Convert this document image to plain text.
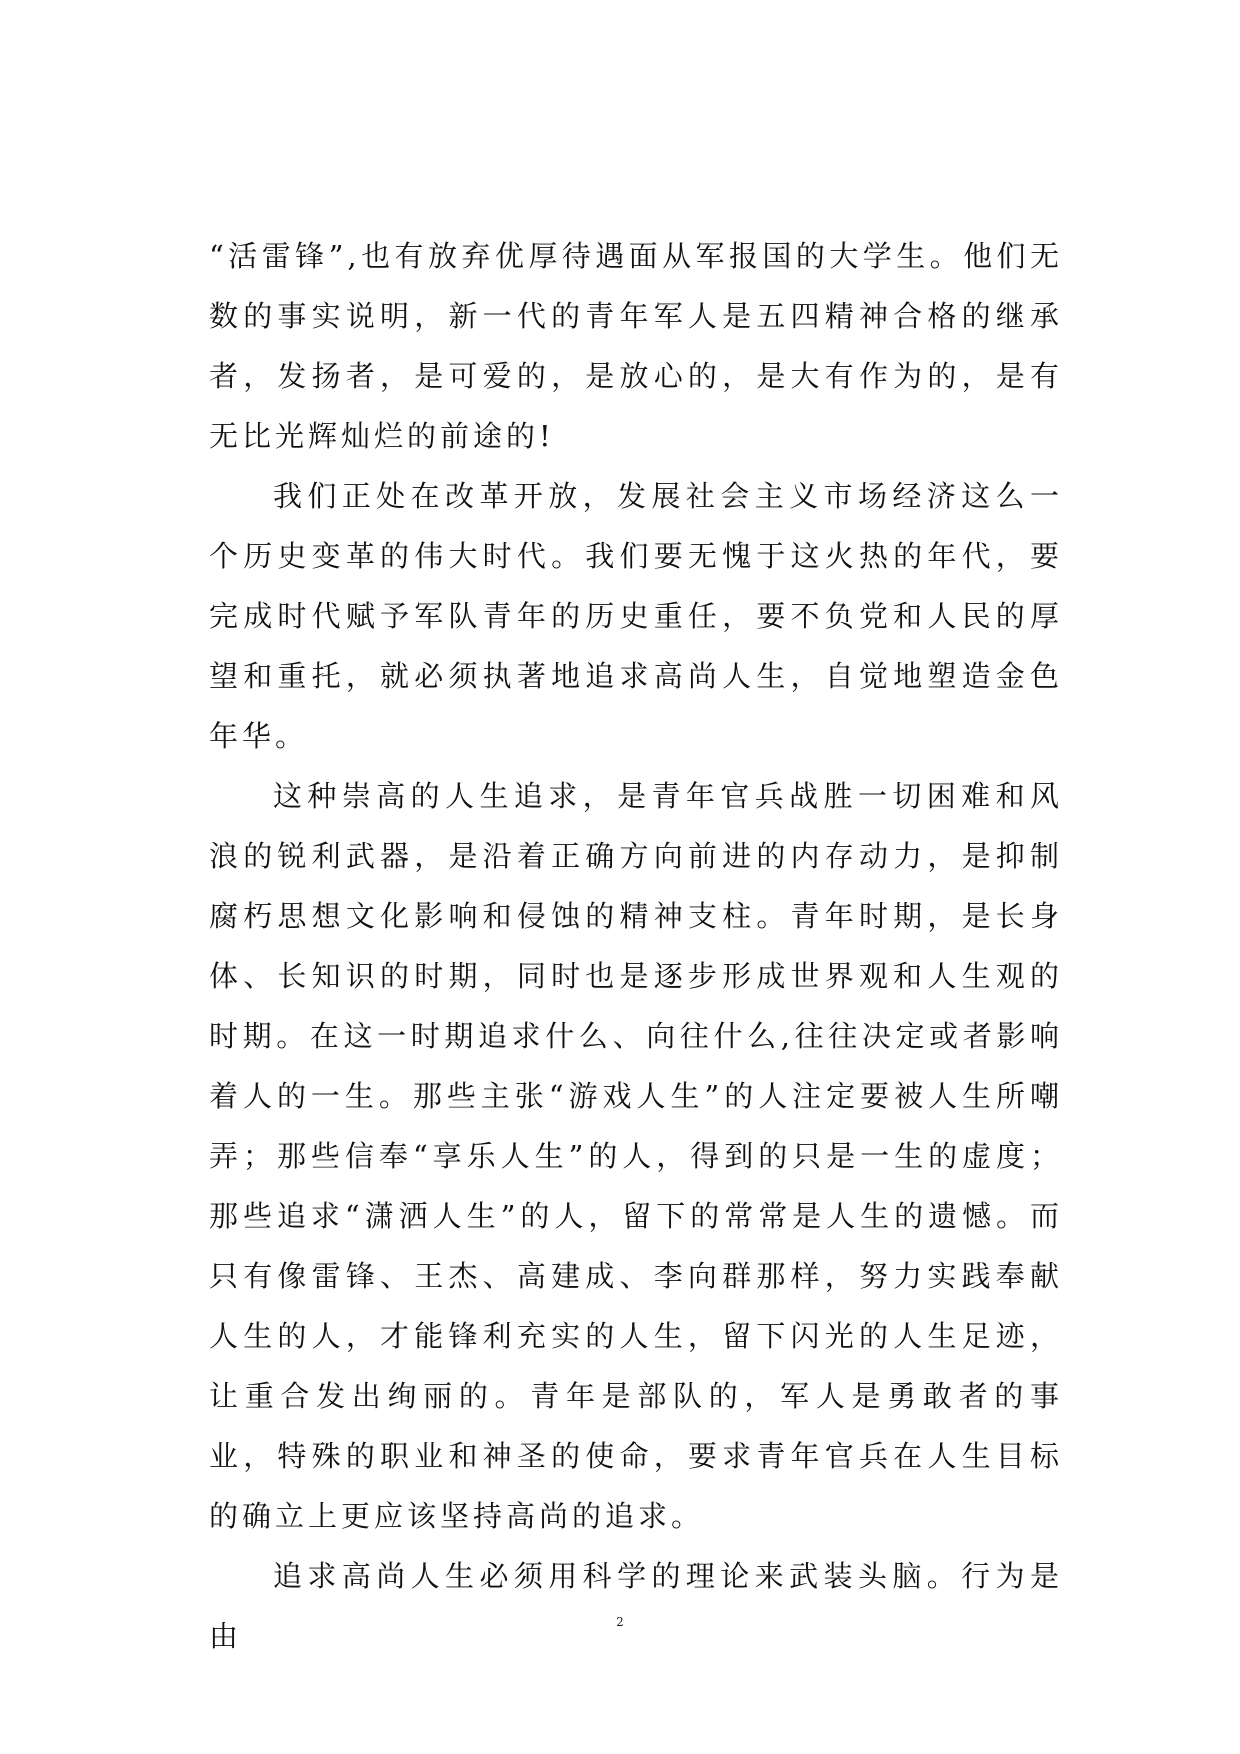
“活雷锋”,也有放弃优厚待遇面从军报国的大学生。他们无数的事实说明，新一代的青年军人是五四精神合格的继承者，发扬者，是可爱的，是放心的，是大有作为的，是有无比光辉灿烂的前途的!

我们正处在改革开放，发展社会主义市场经济这么一个历史变革的伟大时代。我们要无愧于这火热的年代，要完成时代赋予军队青年的历史重任，要不负党和人民的厚望和重托，就必须执著地追求高尚人生，自觉地塑造金色年华。

这种崇高的人生追求，是青年官兵战胜一切困难和风浪的锐利武器，是沿着正确方向前进的内存动力，是抑制腐朽思想文化影响和侵蚀的精神支柱。青年时期，是长身体、长知识的时期，同时也是逐步形成世界观和人生观的时期。在这一时期追求什么、向往什么,往往决定或者影响着人的一生。那些主张“游戏人生”的人注定要被人生所嘲弄；那些信奉“享乐人生”的人，得到的只是一生的虚度；那些追求“潇洒人生”的人，留下的常常是人生的遗憾。而只有像雷锋、王杰、高建成、李向群那样，努力实践奉献人生的人，才能锋利充实的人生，留下闪光的人生足迹，让重合发出绚丽的。青年是部队的，军人是勇敢者的事业，特殊的职业和神圣的使命，要求青年官兵在人生目标的确立上更应该坚持高尚的追求。

追求高尚人生必须用科学的理论来武装头脑。行为是由	2
